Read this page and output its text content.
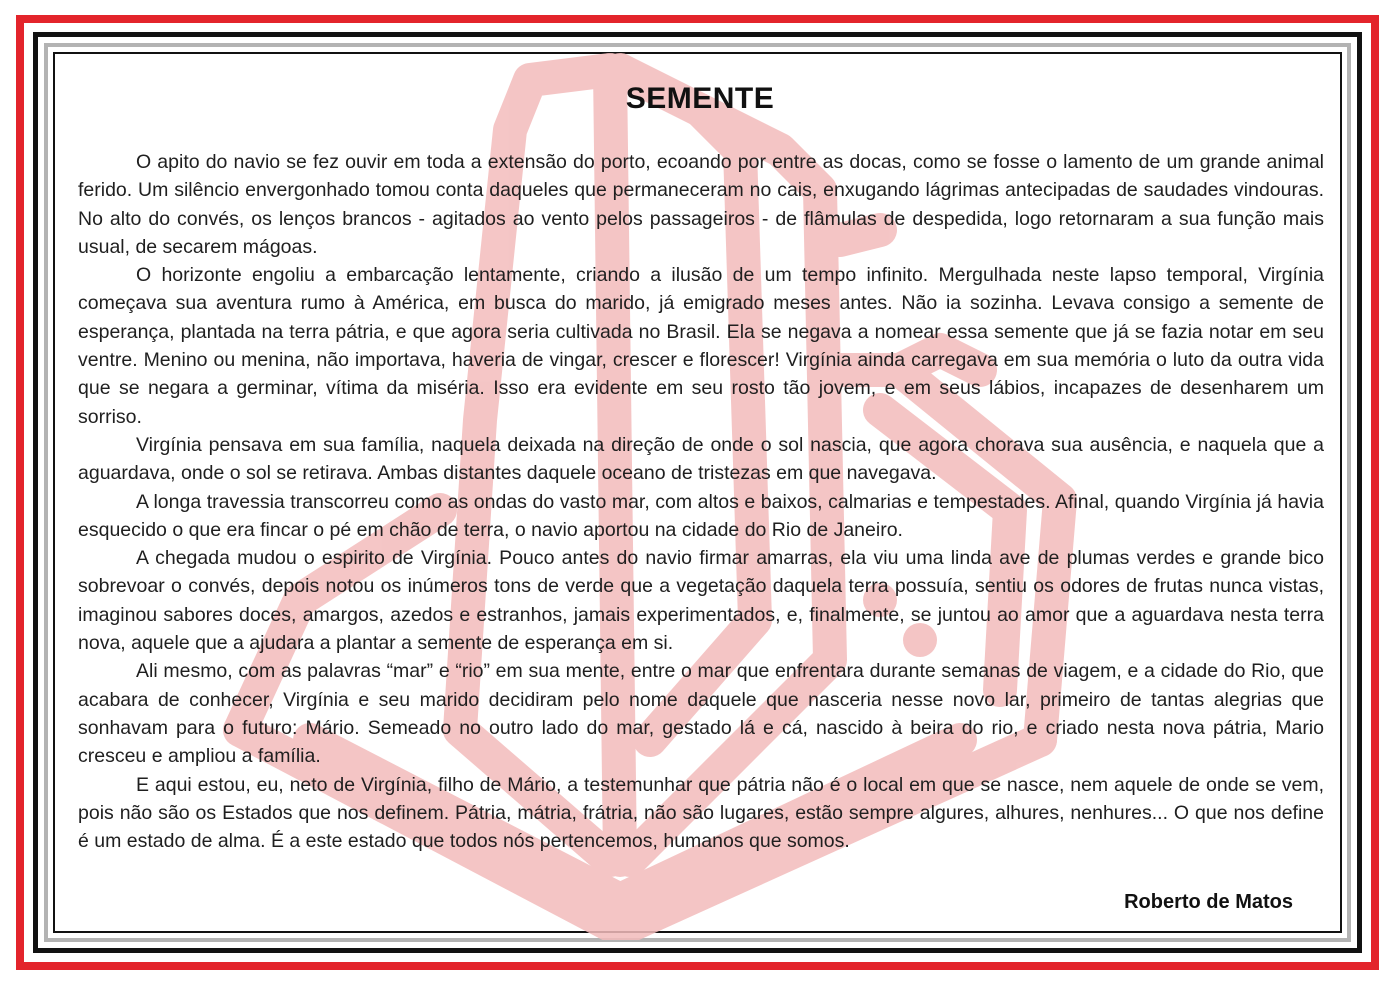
SEMENTE

O apito do navio se fez ouvir em toda a extensão do porto, ecoando por entre as docas, como se fosse o lamento de um grande animal ferido. Um silêncio envergonhado tomou conta daqueles que permaneceram no cais, enxugando lágrimas antecipadas de saudades vindouras. No alto do convés, os lenços brancos - agitados ao vento pelos passageiros - de flâmulas de despedida, logo retornaram a sua função mais usual, de secarem mágoas.

O horizonte engoliu a embarcação lentamente, criando a ilusão de um tempo infinito. Mergulhada neste lapso temporal, Virgínia começava sua aventura rumo à América, em busca do marido, já emigrado meses antes. Não ia sozinha. Levava consigo a semente de esperança, plantada na terra pátria, e que agora seria cultivada no Brasil. Ela se negava a nomear essa semente que já se fazia notar em seu ventre. Menino ou menina, não importava, haveria de vingar, crescer e florescer! Virgínia ainda carregava em sua memória o luto da outra vida que se negara a germinar, vítima da miséria. Isso era evidente em seu rosto tão jovem, e em seus lábios, incapazes de desenharem um sorriso.

Virgínia pensava em sua família, naquela deixada na direção de onde o sol nascia, que agora chorava sua ausência, e naquela que a aguardava, onde o sol se retirava. Ambas distantes daquele oceano de tristezas em que navegava.

A longa travessia transcorreu como as ondas do vasto mar, com altos e baixos, calmarias e tempestades. Afinal, quando Virgínia já havia esquecido o que era fincar o pé em chão de terra, o navio aportou na cidade do Rio de Janeiro.

A chegada mudou o espirito de Virgínia. Pouco antes do navio firmar amarras, ela viu uma linda ave de plumas verdes e grande bico sobrevoar o convés, depois notou os inúmeros tons de verde que a vegetação daquela terra possuía, sentiu os odores de frutas nunca vistas, imaginou sabores doces, amargos, azedos e estranhos, jamais experimentados, e, finalmente, se juntou ao amor que a aguardava nesta terra nova, aquele que a ajudara a plantar a semente de esperança em si.

Ali mesmo, com as palavras “mar” e “rio” em sua mente, entre o mar que enfrentara durante semanas de viagem, e a cidade do Rio, que acabara de conhecer, Virgínia e seu marido decidiram pelo nome daquele que nasceria nesse novo lar, primeiro de tantas alegrias que sonhavam para o futuro: Mário. Semeado no outro lado do mar, gestado lá e cá, nascido à beira do rio, e criado nesta nova pátria, Mario cresceu e ampliou a família.

E aqui estou, eu, neto de Virgínia, filho de Mário, a testemunhar que pátria não é o local em que se nasce, nem aquele de onde se vem, pois não são os Estados que nos definem. Pátria, mátria, frátria, não são lugares, estão sempre algures, alhures, nenhures... O que nos define é um estado de alma. É a este estado que todos nós pertencemos, humanos que somos.

Roberto de Matos
